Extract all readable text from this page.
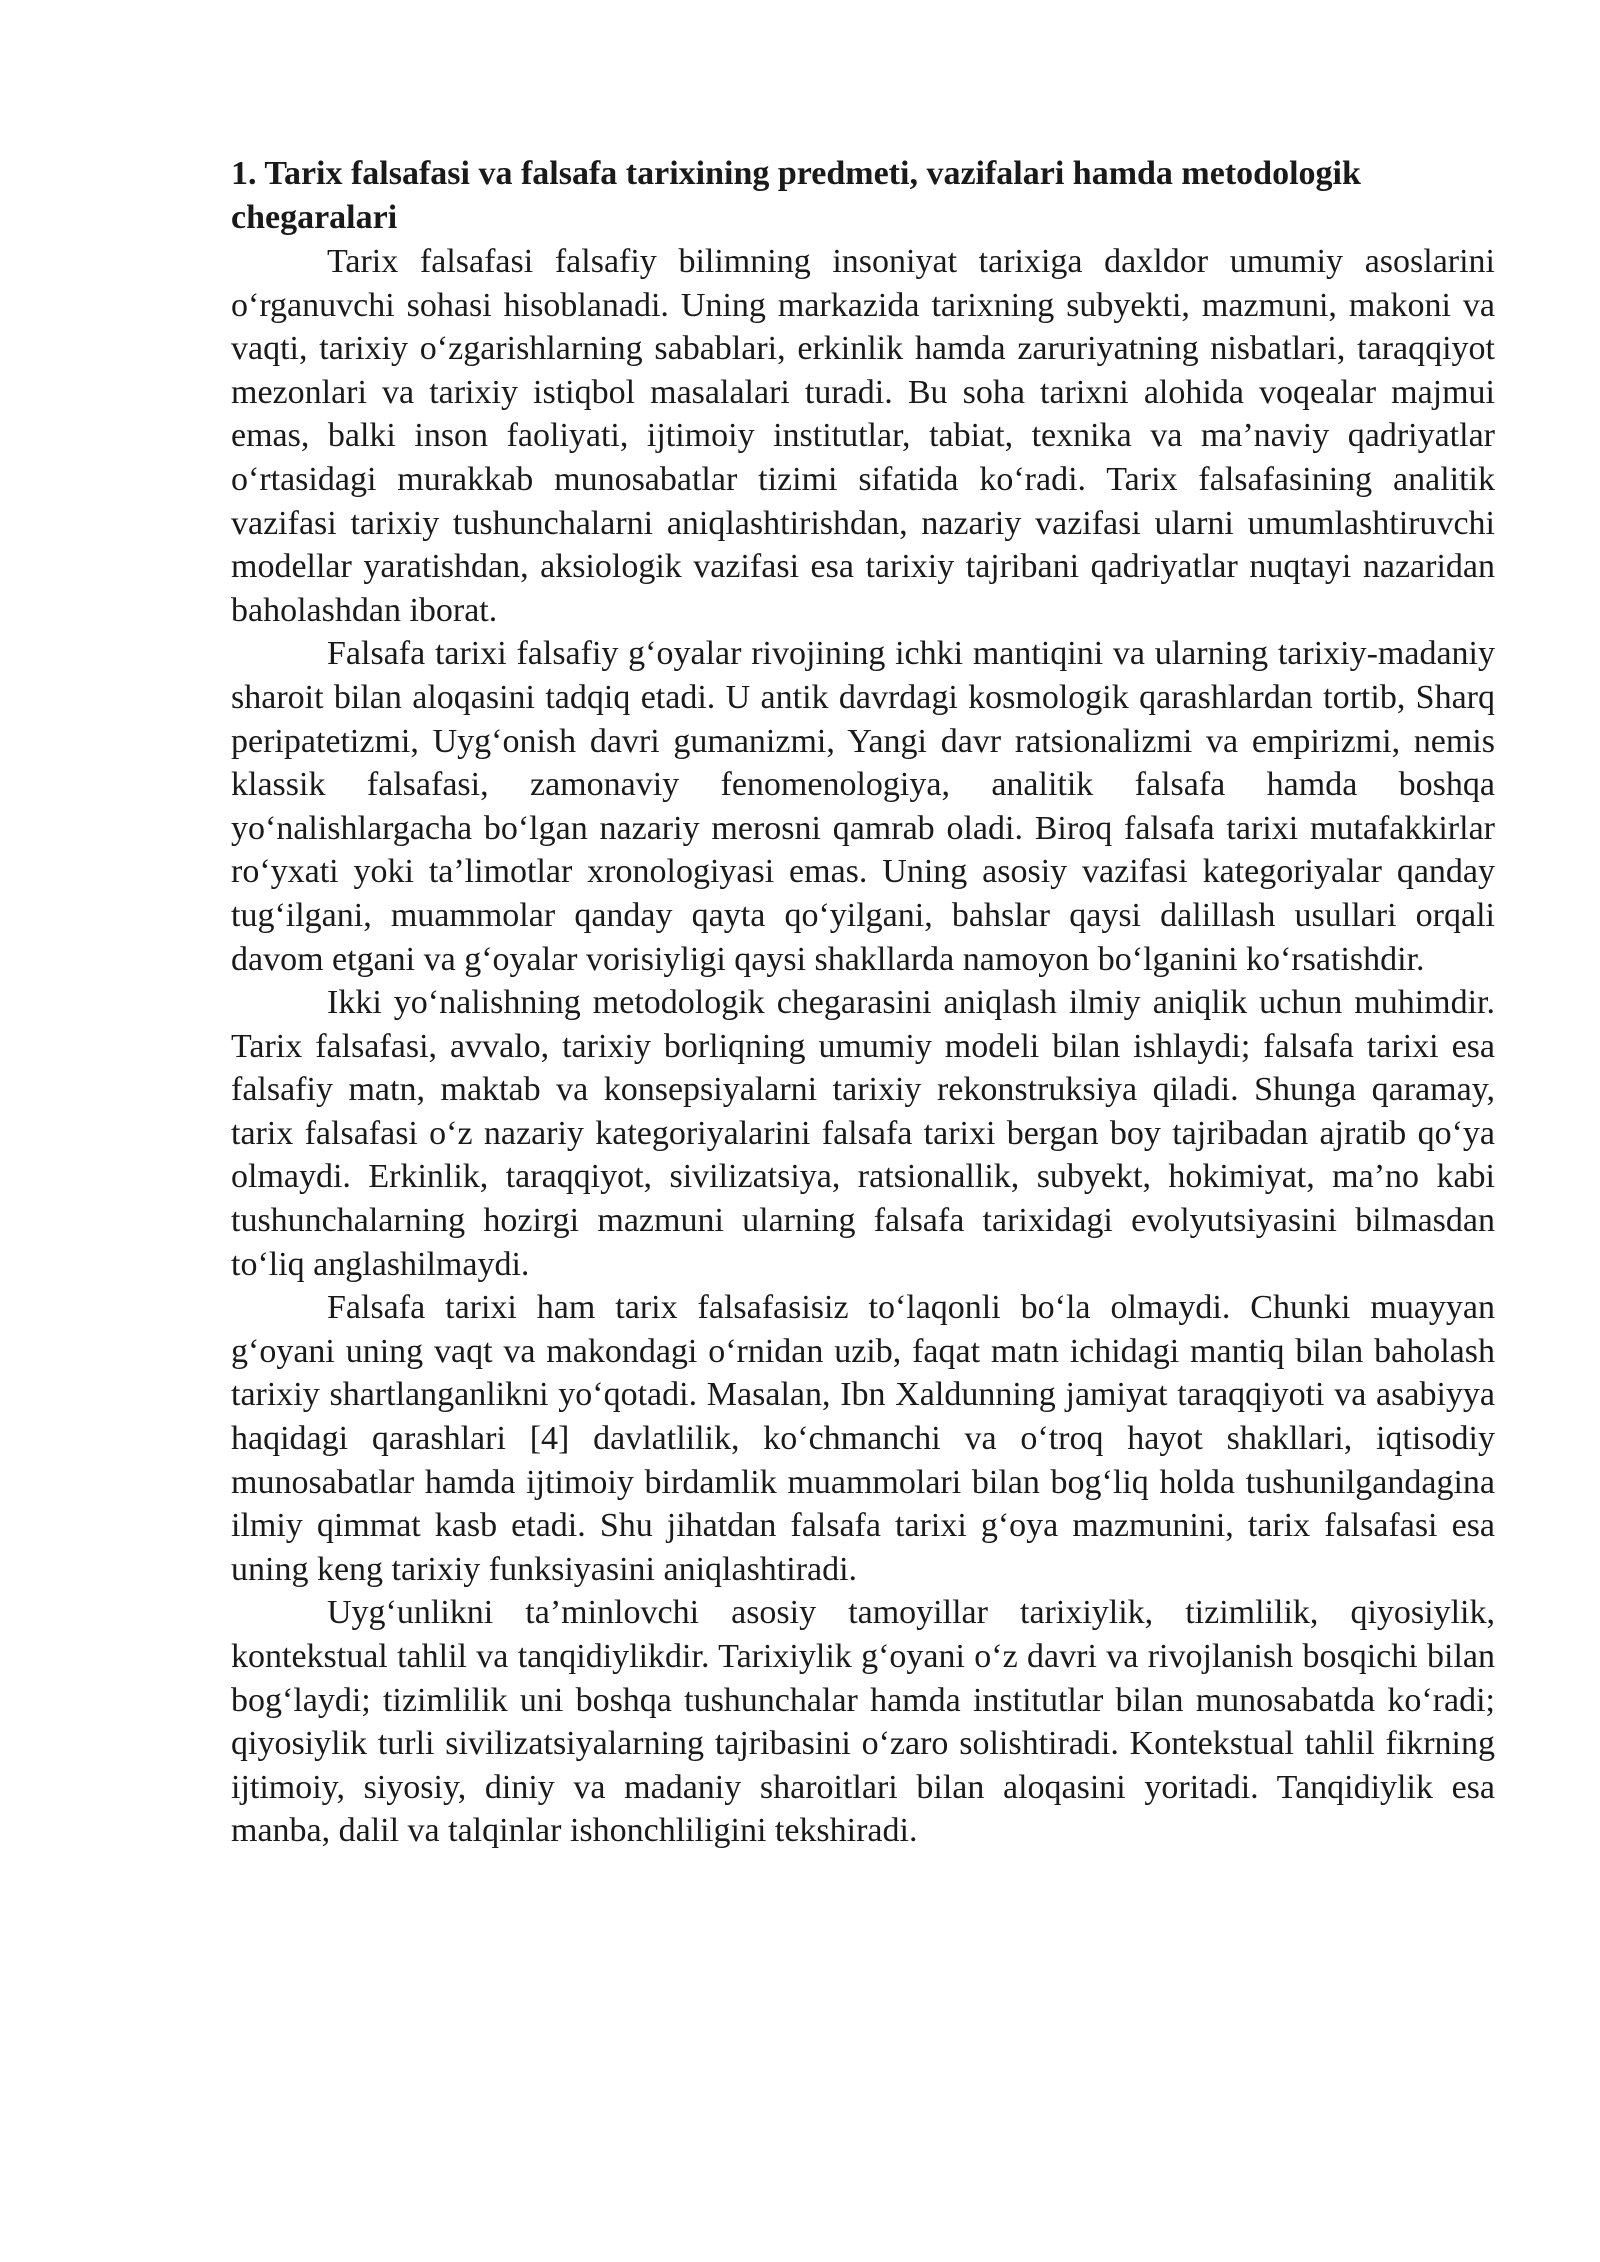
1. Tarix falsafasi va falsafa tarixining predmeti, vazifalari hamda metodologik chegaralari

Tarix falsafasi falsafiy bilimning insoniyat tarixiga daxldor umumiy asoslarini o‘rganuvchi sohasi hisoblanadi. Uning markazida tarixning subyekti, mazmuni, makoni va vaqti, tarixiy o‘zgarishlarning sabablari, erkinlik hamda zaruriyatning nisbatlari, taraqqiyot mezonlari va tarixiy istiqbol masalalari turadi. Bu soha tarixni alohida voqealar majmui emas, balki inson faoliyati, ijtimoiy institutlar, tabiat, texnika va ma’naviy qadriyatlar o‘rtasidagi murakkab munosabatlar tizimi sifatida ko‘radi. Tarix falsafasining analitik vazifasi tarixiy tushunchalarni aniqlashtirishdan, nazariy vazifasi ularni umumlashtiruvchi modellar yaratishdan, aksiologik vazifasi esa tarixiy tajribani qadriyatlar nuqtayi nazaridan baholashdan iborat.

Falsafa tarixi falsafiy g‘oyalar rivojining ichki mantiqini va ularning tarixiy-madaniy sharoit bilan aloqasini tadqiq etadi. U antik davrdagi kosmologik qarashlardan tortib, Sharq peripatetizmi, Uyg‘onish davri gumanizmi, Yangi davr ratsionalizmi va empirizmi, nemis klassik falsafasi, zamonaviy fenomenologiya, analitik falsafa hamda boshqa yo‘nalishlargacha bo‘lgan nazariy merosni qamrab oladi. Biroq falsafa tarixi mutafakkirlar ro‘yxati yoki ta’limotlar xronologiyasi emas. Uning asosiy vazifasi kategoriyalar qanday tug‘ilgani, muammolar qanday qayta qo‘yilgani, bahslar qaysi dalillash usullari orqali davom etgani va g‘oyalar vorisiyligi qaysi shakllarda namoyon bo‘lganini ko‘rsatishdir.

Ikki yo‘nalishning metodologik chegarasini aniqlash ilmiy aniqlik uchun muhimdir. Tarix falsafasi, avvalo, tarixiy borliqning umumiy modeli bilan ishlaydi; falsafa tarixi esa falsafiy matn, maktab va konsepsiyalarni tarixiy rekonstruksiya qiladi. Shunga qaramay, tarix falsafasi o‘z nazariy kategoriyalarini falsafa tarixi bergan boy tajribadan ajratib qo‘ya olmaydi. Erkinlik, taraqqiyot, sivilizatsiya, ratsionallik, subyekt, hokimiyat, ma’no kabi tushunchalarning hozirgi mazmuni ularning falsafa tarixidagi evolyutsiyasini bilmasdan to‘liq anglashilmaydi.

Falsafa tarixi ham tarix falsafasisiz to‘laqonli bo‘la olmaydi. Chunki muayyan g‘oyani uning vaqt va makondagi o‘rnidan uzib, faqat matn ichidagi mantiq bilan baholash tarixiy shartlanganlikni yo‘qotadi. Masalan, Ibn Xaldunning jamiyat taraqqiyoti va asabiyya haqidagi qarashlari [4] davlatlilik, ko‘chmanchi va o‘troq hayot shakllari, iqtisodiy munosabatlar hamda ijtimoiy birdamlik muammolari bilan bog‘liq holda tushunilgandagina ilmiy qimmat kasb etadi. Shu jihatdan falsafa tarixi g‘oya mazmunini, tarix falsafasi esa uning keng tarixiy funksiyasini aniqlashtiradi.

Uyg‘unlikni ta’minlovchi asosiy tamoyillar tarixiylik, tizimlilik, qiyosiylik, kontekstual tahlil va tanqidiylikdir. Tarixiylik g‘oyani o‘z davri va rivojlanish bosqichi bilan bog‘laydi; tizimlilik uni boshqa tushunchalar hamda institutlar bilan munosabatda ko‘radi; qiyosiylik turli sivilizatsiyalarning tajribasini o‘zaro solishtiradi. Kontekstual tahlil fikrning ijtimoiy, siyosiy, diniy va madaniy sharoitlari bilan aloqasini yoritadi. Tanqidiylik esa manba, dalil va talqinlar ishonchliligini tekshiradi.
